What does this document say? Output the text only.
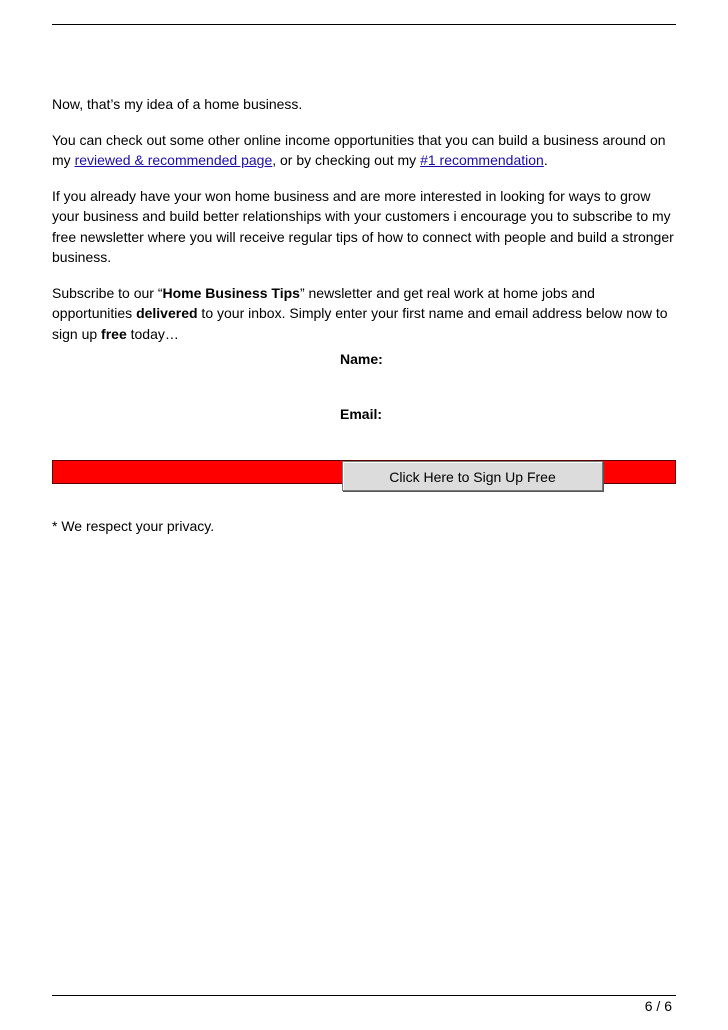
Now, that’s my idea of a home business.

You can check out some other online income opportunities that you can build a business around on my reviewed & recommended page, or by checking out my #1 recommendation.

If you already have your won home business and are more interested in looking for ways to grow your business and build better relationships with your customers i encourage you to subscribe to my free newsletter where you will receive regular tips of how to connect with people and build a stronger business.

Subscribe to our “Home Business Tips” newsletter and get real work at home jobs and opportunities delivered to your inbox. Simply enter your first name and email address below now to sign up free today…

Name:
Email:
Click Here to Sign Up Free
* We respect your privacy.
6 / 6
